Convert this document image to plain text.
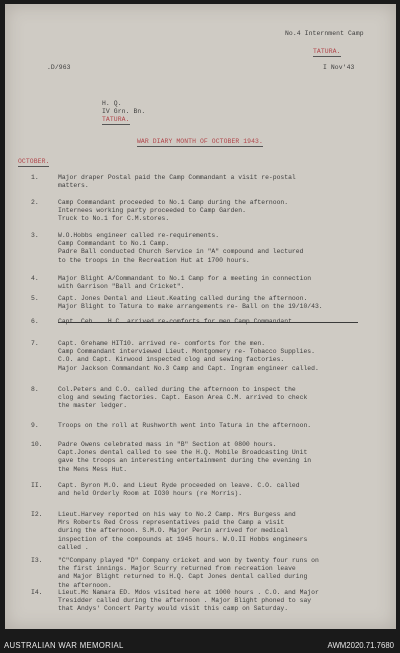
No.4 Internment Camp
TATURA.
I Nov'43
.D/963
H. Q.
IV Grn. Bn.
TATURA.
WAR DIARY MONTH OF OCTOBER 1943.
OCTOBER.
1.	Major draper Postal paid the Camp Commandant a visit re-postal
matters.
2.	Camp Commandant proceeded to No.1 Camp during the afternoon.
Internees working party proceeded to Camp Garden.
Truck to No.1 for C.M.stores.
3.	W.O.Hobbs engineer called re-requirements.
Camp Commandant to No.1 Camp.
Padre Ball conducted Church Service in "A" compound and lectured
to the troops in the Recreation Hut at 1700 hours.
4.	Major Blight A/Commandant to No.1 Camp for a meeting in connection
with Garrison "Ball and Cricket".
5.	Capt. Jones Dental and Lieut.Keating called during the afternoon.
Major Blight to Tatura to make arrangements re- Ball on the 19/10/43.
6.
7.	Capt. Grehame HIT10. arrived re- comforts for the men.
Camp Commandant interviewed Lieut. Montgomery re- Tobacco Supplies.
C.O. and Capt. Kirwood inspected clog and sewing factories.
Major Jackson Commandant No.3 Camp and Capt. Ingram engineer called.
8.	Col.Peters and C.O. called during the afternoon to inspect the
clog and sewing factories. Capt. Eason Area C.M. arrived to check
the master ledger.
9.	Troops on the roll at Rushworth went into Tatura in the afternoon.
10. Padre Owens celebrated mass in "B" Section at 0800 hours.
Capt.Jones dental called to see the H.Q. Mobile Broadcasting Unit
gave the troops an interesting entertainment during the evening in
the Mens Mess Hut.
II. Capt. Byron M.O. and Lieut Ryde proceeded on leave. C.O. called
and held Orderly Room at IO30 hours (re Morris).
I2. Lieut.Harvey reported on his way to No.2 Camp. Mrs Burgess and
Mrs Roberts Red Cross representatives paid the Camp a visit
during the afternoon. S.M.O. Major Perin arrived for medical
inspection of the compounds at 1945 hours. W.O.II Hobbs engineers
called .
I3. "C"Company played "D" Company cricket and won by twenty four runs on
the first innings. Major Scurry returned from recreation leave
and Major Blight returned to H.Q. Capt Jones dental called during
the afternoon.
I4. Lieut.Mc Namara ED. Mdos visited here at 1000 hours . C.O. and Major
Tresidder called during the afternoon . Major Blight phoned to say
that Andys' Concert Party would visit this camp on Saturday.
AUSTRALIAN WAR MEMORIAL	AWM2020.71.7680
